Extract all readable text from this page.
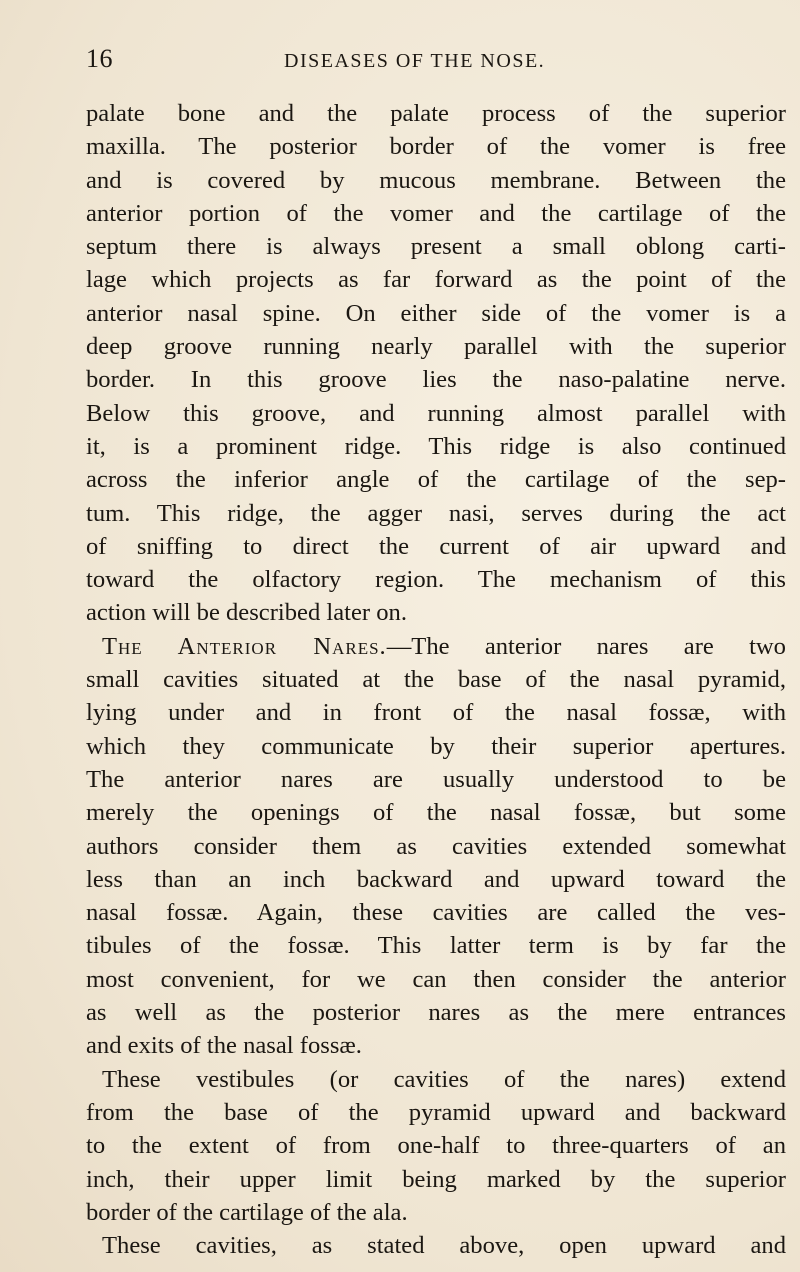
16	DISEASES OF THE NOSE.
palate bone and the palate process of the superior
maxilla. The posterior border of the vomer is free
and is covered by mucous membrane. Between the
anterior portion of the vomer and the cartilage of the
septum there is always present a small oblong carti-
lage which projects as far forward as the point of the
anterior nasal spine. On either side of the vomer is a
deep groove running nearly parallel with the superior
border. In this groove lies the naso-palatine nerve.
Below this groove, and running almost parallel with
it, is a prominent ridge. This ridge is also continued
across the inferior angle of the cartilage of the sep-
tum. This ridge, the agger nasi, serves during the act
of sniffing to direct the current of air upward and
toward the olfactory region. The mechanism of this
action will be described later on.
The Anterior Nares.—The anterior nares are two
small cavities situated at the base of the nasal pyramid,
lying under and in front of the nasal fossæ, with
which they communicate by their superior apertures.
The anterior nares are usually understood to be
merely the openings of the nasal fossæ, but some
authors consider them as cavities extended somewhat
less than an inch backward and upward toward the
nasal fossæ. Again, these cavities are called the ves-
tibules of the fossæ. This latter term is by far the
most convenient, for we can then consider the anterior
as well as the posterior nares as the mere entrances
and exits of the nasal fossæ.
These vestibules (or cavities of the nares) extend
from the base of the pyramid upward and backward
to the extent of from one-half to three-quarters of an
inch, their upper limit being marked by the superior
border of the cartilage of the ala.
These cavities, as stated above, open upward and
